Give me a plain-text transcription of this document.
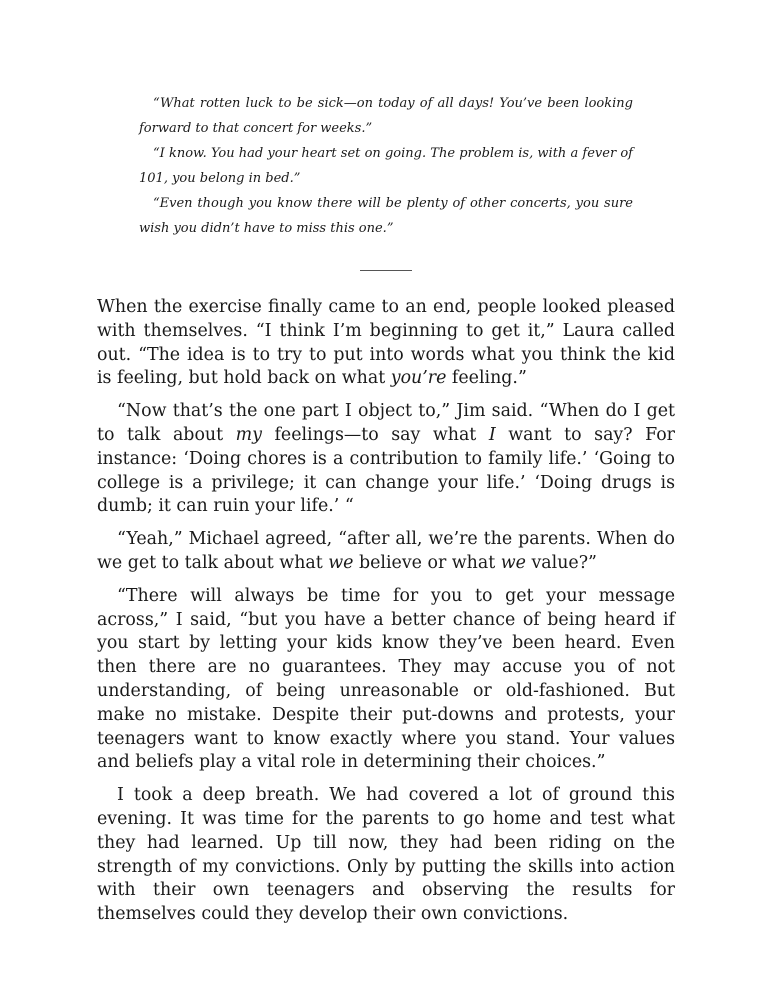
“What rotten luck to be sick—on today of all days! You’ve been looking forward to that concert for weeks.”

“I know. You had your heart set on going. The problem is, with a fever of 101, you belong in bed.”

“Even though you know there will be plenty of other concerts, you sure wish you didn’t have to miss this one.”

When the exercise finally came to an end, people looked pleased with themselves. “I think I’m beginning to get it,” Laura called out. “The idea is to try to put into words what you think the kid is feeling, but hold back on what you’re feeling.”

“Now that’s the one part I object to,” Jim said. “When do I get to talk about my feelings—to say what I want to say? For instance: ‘Doing chores is a contribution to family life.’ ‘Going to college is a privilege; it can change your life.’ ‘Doing drugs is dumb; it can ruin your life.’ “

“Yeah,” Michael agreed, “after all, we’re the parents. When do we get to talk about what we believe or what we value?”

“There will always be time for you to get your message across,” I said, “but you have a better chance of being heard if you start by letting your kids know they’ve been heard. Even then there are no guarantees. They may accuse you of not understanding, of being unreasonable or old-fashioned. But make no mistake. Despite their put-downs and protests, your teenagers want to know exactly where you stand. Your values and beliefs play a vital role in determining their choices.”

I took a deep breath. We had covered a lot of ground this evening. It was time for the parents to go home and test what they had learned. Up till now, they had been riding on the strength of my convictions. Only by putting the skills into action with their own teenagers and observing the results for themselves could they develop their own convictions.
